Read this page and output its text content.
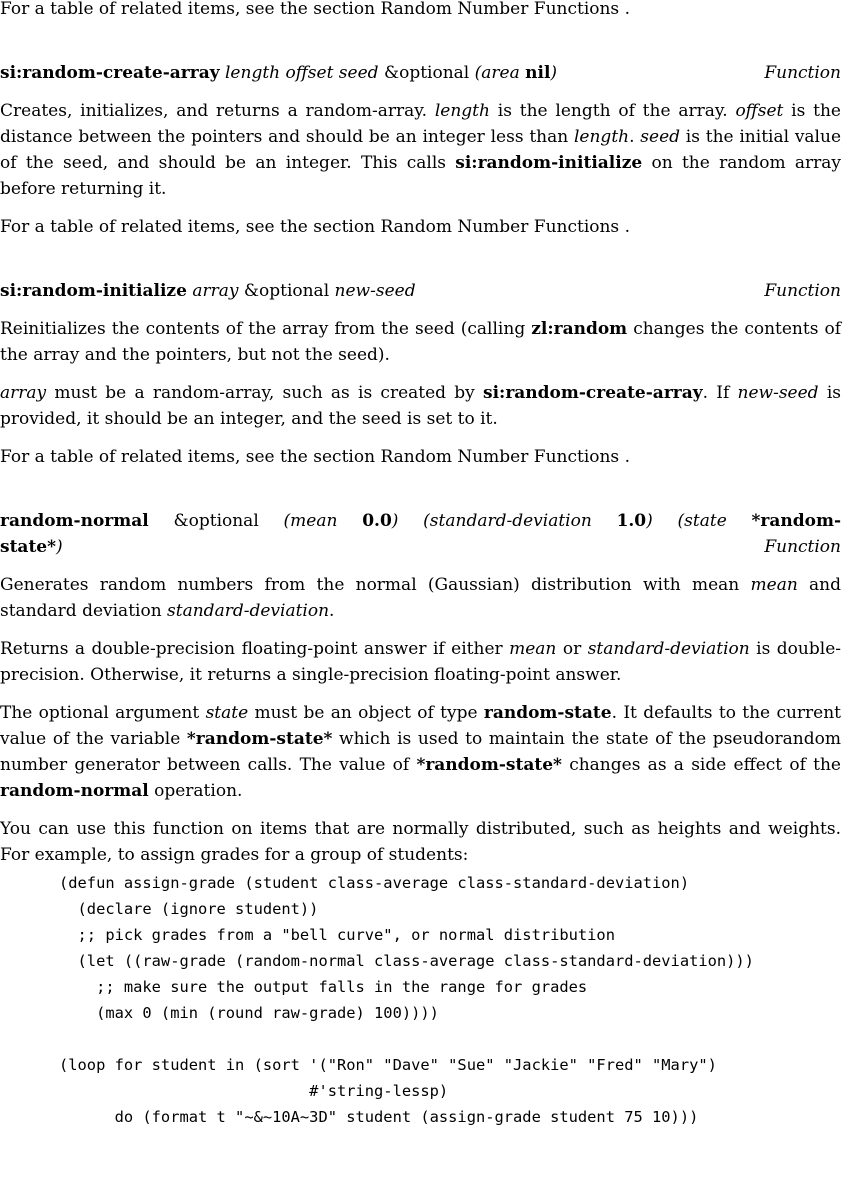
For a table of related items, see the section Random Number Functions .

si:random-create-array length offset seed &optional (area nil)	Function

Creates, initializes, and returns a random-array. length is the length of the array. offset is the distance between the pointers and should be an integer less than length. seed is the initial value of the seed, and should be an integer. This calls si:random-initialize on the random array before returning it.

For a table of related items, see the section Random Number Functions .

si:random-initialize array &optional new-seed	Function

Reinitializes the contents of the array from the seed (calling zl:random changes the contents of the array and the pointers, but not the seed).

array must be a random-array, such as is created by si:random-create-array. If new-seed is provided, it should be an integer, and the seed is set to it.

For a table of related items, see the section Random Number Functions .

random-normal &optional (mean 0.0) (standard-deviation 1.0) (state *random-

state*)	Function

Generates random numbers from the normal (Gaussian) distribution with mean mean and standard deviation standard-deviation.

Returns a double-precision floating-point answer if either mean or standard-deviation is double-precision. Otherwise, it returns a single-precision floating-point answer.

The optional argument state must be an object of type random-state. It defaults to the current value of the variable *random-state* which is used to maintain the state of the pseudorandom number generator between calls. The value of *random-state* changes as a side effect of the random-normal operation.

You can use this function on items that are normally distributed, such as heights and weights. For example, to assign grades for a group of students:

(defun assign-grade (student class-average class-standard-deviation)
(declare (ignore student))
;; pick grades from a "bell curve", or normal distribution
(let ((raw-grade (random-normal class-average class-standard-deviation)))
;; make sure the output falls in the range for grades
(max 0 (min (round raw-grade) 100))))
(loop for student in (sort '("Ron" "Dave" "Sue" "Jackie" "Fred" "Mary")
#'string-lessp)
do (format t "~&~10A~3D" student (assign-grade student 75 10)))
